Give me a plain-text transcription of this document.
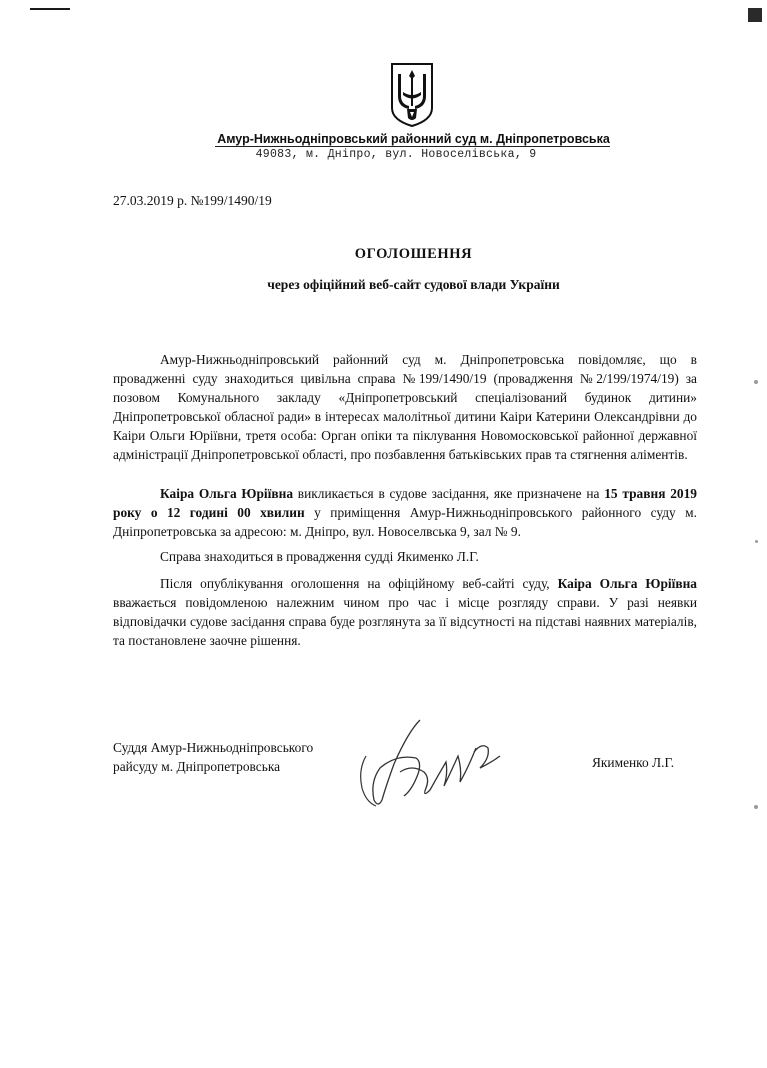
Амур-Нижньодніпровський районний суд м. Дніпропетровська
49083, м. Дніпро, вул. Новоселівська, 9
27.03.2019 р. №199/1490/19
ОГОЛОШЕННЯ
через офіційний веб-сайт судової влади України

Амур-Нижньодніпровський районний суд м. Дніпропетровська повідомляє, що в провадженні суду знаходиться цивільна справа №199/1490/19 (провадження №2/199/1974/19) за позовом Комунального закладу «Дніпропетровський спеціалізований будинок дитини» Дніпропетровської обласної ради» в інтересах малолітньої дитини Каіри Катерини Олександрівни до Каіри Ольги Юріївни, третя особа: Орган опіки та піклування Новомосковської районної державної адміністрації Дніпропетровської області, про позбавлення батьківських прав та стягнення аліментів.

Каіра Ольга Юріївна викликається в судове засідання, яке призначене на 15 травня 2019 року о 12 годині 00 хвилин у приміщення Амур-Нижньодніпровського районного суду м. Дніпропетровська за адресою: м. Дніпро, вул. Новоселвська 9, зал № 9.

Справа знаходиться в провадження судді Якименко Л.Г.

Після опублікування оголошення на офіційному веб-сайті суду, Каіра Ольга Юріївна вважається повідомленою належним чином про час і місце розгляду справи. У разі неявки відповідачки судове засідання справа буде розглянута за її відсутності на підставі наявних матеріалів, та постановлене заочне рішення.

Суддя Амур-Нижньодніпровського
райсуду м. Дніпропетровська	Якименко Л.Г.
